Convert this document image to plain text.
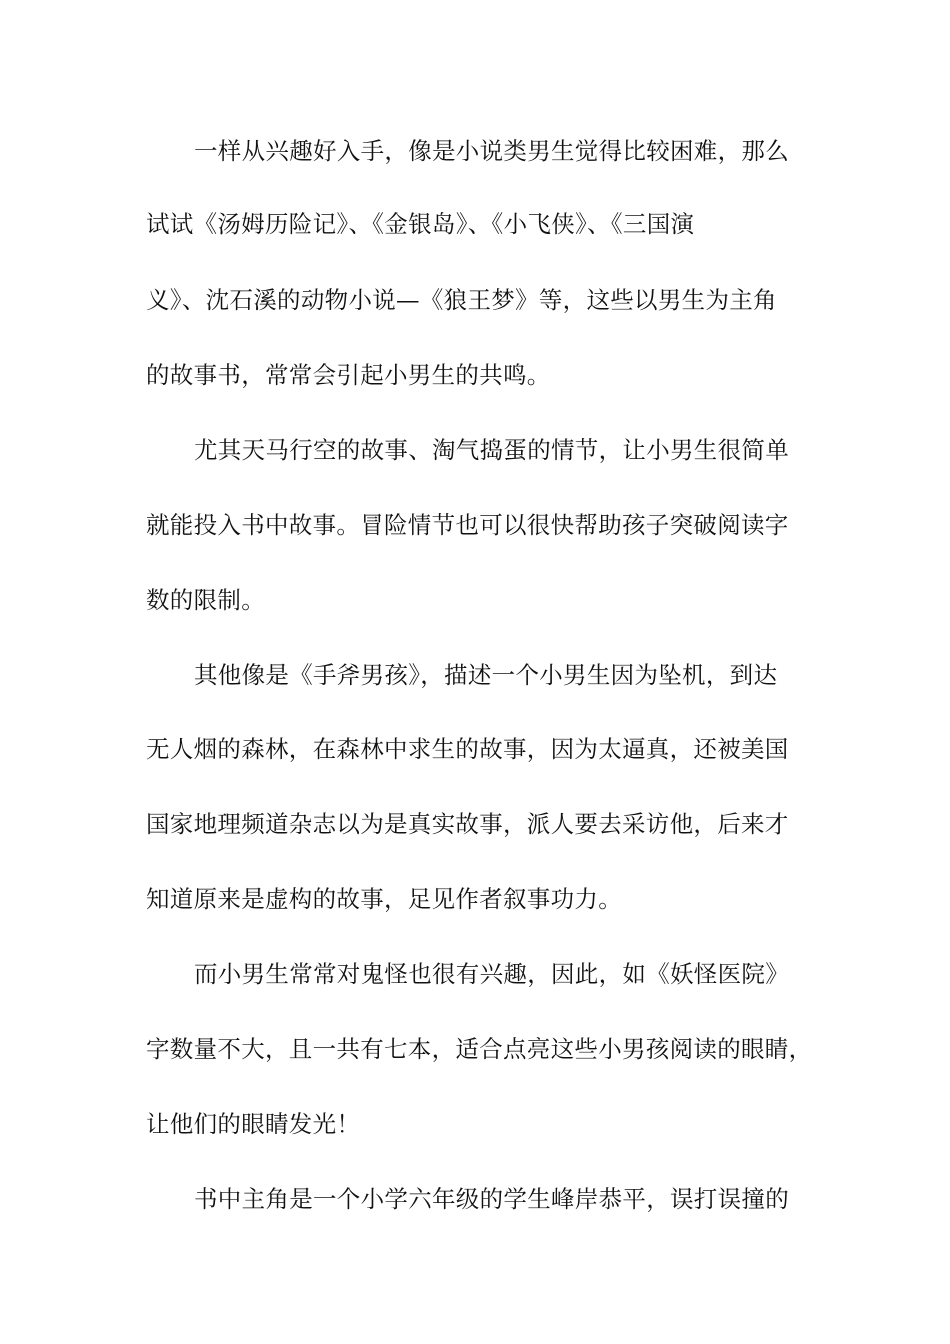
一样从兴趣好入手，像是小说类男生觉得比较困难，那么
试试《汤姆历险记》、《金银岛》、《小飞侠》、《三国演
义》、沈石溪的动物小说—《狼王梦》等，这些以男生为主角
的故事书，常常会引起小男生的共鸣。
尤其天马行空的故事、淘气捣蛋的情节，让小男生很简单
就能投入书中故事。冒险情节也可以很快帮助孩子突破阅读字
数的限制。
其他像是《手斧男孩》，描述一个小男生因为坠机，到达
无人烟的森林，在森林中求生的故事，因为太逼真，还被美国
国家地理频道杂志以为是真实故事，派人要去采访他，后来才
知道原来是虚构的故事，足见作者叙事功力。
而小男生常常对鬼怪也很有兴趣，因此，如《妖怪医院》
字数量不大，且一共有七本，适合点亮这些小男孩阅读的眼睛，
让他们的眼睛发光！
书中主角是一个小学六年级的学生峰岸恭平，误打误撞的
